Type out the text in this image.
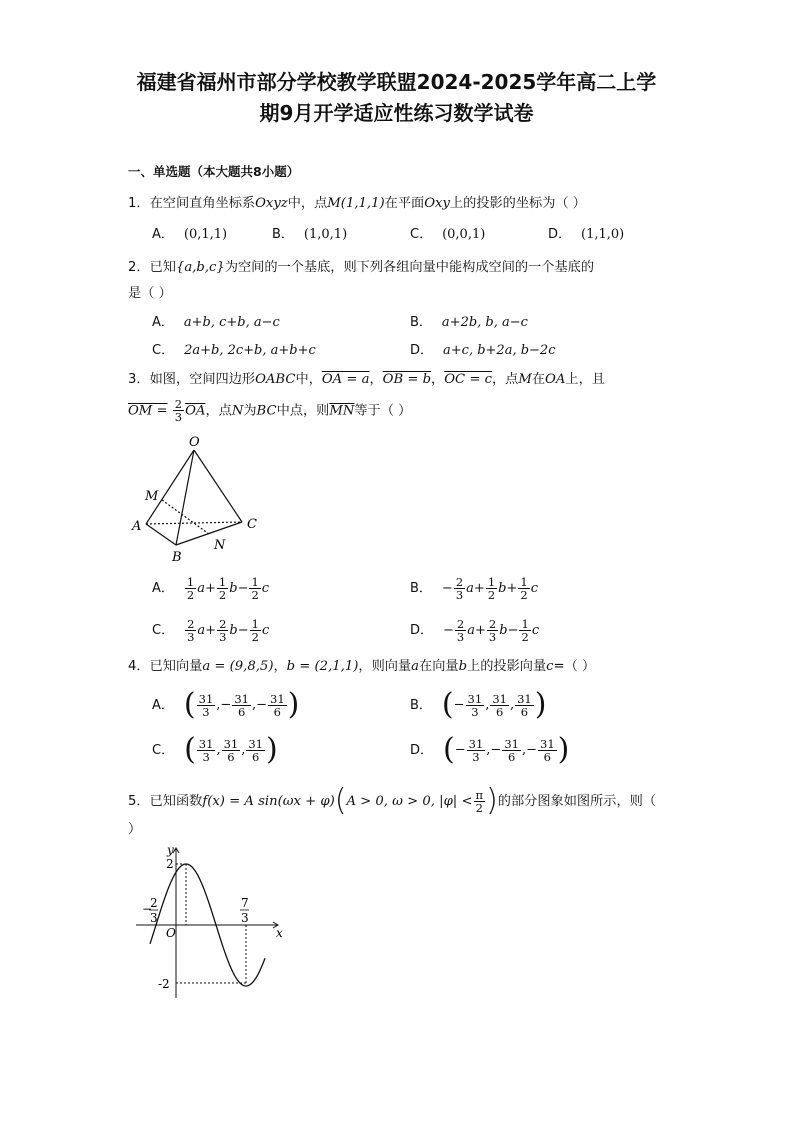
福建省福州市部分学校教学联盟2024-2025学年高二上学
期9月开学适应性练习数学试卷
一、单选题（本大题共8小题）
1．在空间直角坐标系Oxyz中，点M(1,1,1)在平面Oxy上的投影的坐标为（ ）
A． (0,1,1)	B． (1,0,1)	C． (0,0,1)	D． (1,1,0)
2．已知{a,b,c}为空间的一个基底，则下列各组向量中能构成空间的一个基底的
是（ ）
A． a+b, c+b, a−c	B． a+2b, b, a−c
C． 2a+b, 2c+b, a+b+c	D． a+c, b+2a, b−2c
3．如图，空间四边形OABC中，OA = a，OB = b，OC = c，点M在OA上，且
OM = $\frac{2}{3} \overline{OA}$，点N为BC中点，则$\overline{MN}$等于（ ）
O
M
A
B
N
C
A． $\frac{1}{2} a+ \frac{1}{2} b- \frac{1}{2}$ c	B． − $\frac{2}{3} a+ \frac{1}{2} b+ \frac{1}{2}$ c
C． $\frac{2}{3} a+ \frac{2}{3} b- \frac{1}{2}$ c	D． − $\frac{2}{3} a+ \frac{2}{3} b- \frac{1}{2}$ c
4．已知向量a = (9,8,5)，b = (2,1,1)，则向量a在向量b上的投影向量c=（ ）
A． ( $\frac{31}{3}$ ,− $\frac{31}{6}$ ,− $\frac{31}{6}$ )	B． (− $\frac{31}{3}$ , $\frac{31}{6}$ , $\frac{31}{6}$ )
C． ( $\frac{31}{3}$ , $\frac{31}{6}$ , $\frac{31}{6}$ )	D． (− $\frac{31}{3}$ ,− $\frac{31}{6}$ ,− $\frac{31}{6}$ )
5．已知函数f(x) = A sin(ωx + φ)(A > 0, ω > 0, $|\varphi| < \frac{\pi}{2}$ )的部分图象如图所示，则（
）
y
x
O
2
-2
−
2
3
7
3
